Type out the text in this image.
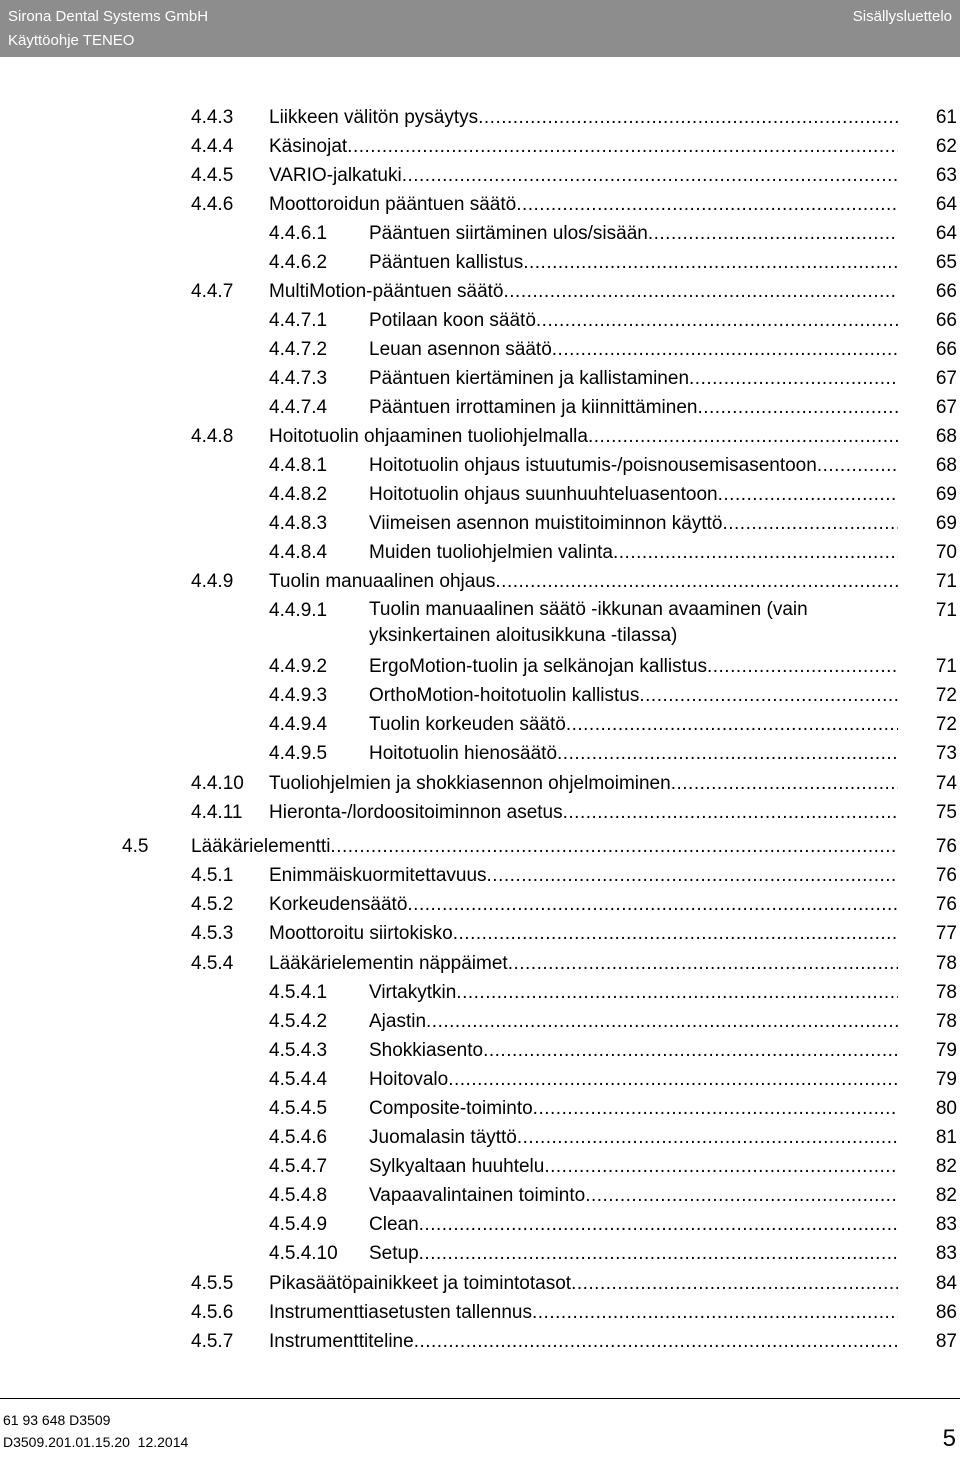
Sirona Dental Systems GmbH
Käyttöohje TENEO
Sisällysluettelo
4.4.3 Liikkeen välitön pysäytys .....	61
4.4.4 Käsinojat .....	62
4.4.5 VARIO-jalkatuki .....	63
4.4.6 Moottoroidun pääntuen säätö .....	64
4.4.6.1 Pääntuen siirtäminen ulos/sisään .....	64
4.4.6.2 Pääntuen kallistus .....	65
4.4.7 MultiMotion-pääntuen säätö .....	66
4.4.7.1 Potilaan koon säätö .....	66
4.4.7.2 Leuan asennon säätö .....	66
4.4.7.3 Pääntuen kiertäminen ja kallistaminen .....	67
4.4.7.4 Pääntuen irrottaminen ja kiinnittäminen .....	67
4.4.8 Hoitotuolin ohjaaminen tuoliohjelmalla .....	68
4.4.8.1 Hoitotuolin ohjaus istuutumis-/poisnousemisasentoon .....	68
4.4.8.2 Hoitotuolin ohjaus suunhuuhteluasentoon .....	69
4.4.8.3 Viimeisen asennon muistitoiminnon käyttö .....	69
4.4.8.4 Muiden tuoliohjelmien valinta .....	70
4.4.9 Tuolin manuaalinen ohjaus .....	71
4.4.9.1 Tuolin manuaalinen säätö -ikkunan avaaminen (vain yksinkertainen aloitusikkuna -tilassa)
71
4.4.9.2 ErgoMotion-tuolin ja selkänojan kallistus .....	71
4.4.9.3 OrthoMotion-hoitotuolin kallistus .....	72
4.4.9.4 Tuolin korkeuden säätö .....	72
4.4.9.5 Hoitotuolin hienosäätö .....	73
4.4.10 Tuoliohjelmien ja shokkiasennon ohjelmoiminen .....	74
4.4.11 Hieronta-/lordoositoiminnon asetus .....	75
4.5 Lääkärielementti .....	76
4.5.1 Enimmäiskuormitettavuus .....	76
4.5.2 Korkeudensäätö .....	76
4.5.3 Moottoroitu siirtokisko .....	77
4.5.4 Lääkärielementin näppäimet .....	78
4.5.4.1 Virtakytkin .....	78
4.5.4.2 Ajastin .....	78
4.5.4.3 Shokkiasento .....	79
4.5.4.4 Hoitovalo .....	79
4.5.4.5 Composite-toiminto .....	80
4.5.4.6 Juomalasin täyttö .....	81
4.5.4.7 Sylkyaltaan huuhtelu .....	82
4.5.4.8 Vapaavalintainen toiminto .....	82
4.5.4.9 Clean .....	83
4.5.4.10 Setup .....	83
4.5.5 Pikasäätöpainikkeet ja toimintotasot .....	84
4.5.6 Instrumenttiasetusten tallennus .....	86
4.5.7 Instrumenttiteline .....	87
61 93 648 D3509
D3509.201.01.15.20 12.2014	5
